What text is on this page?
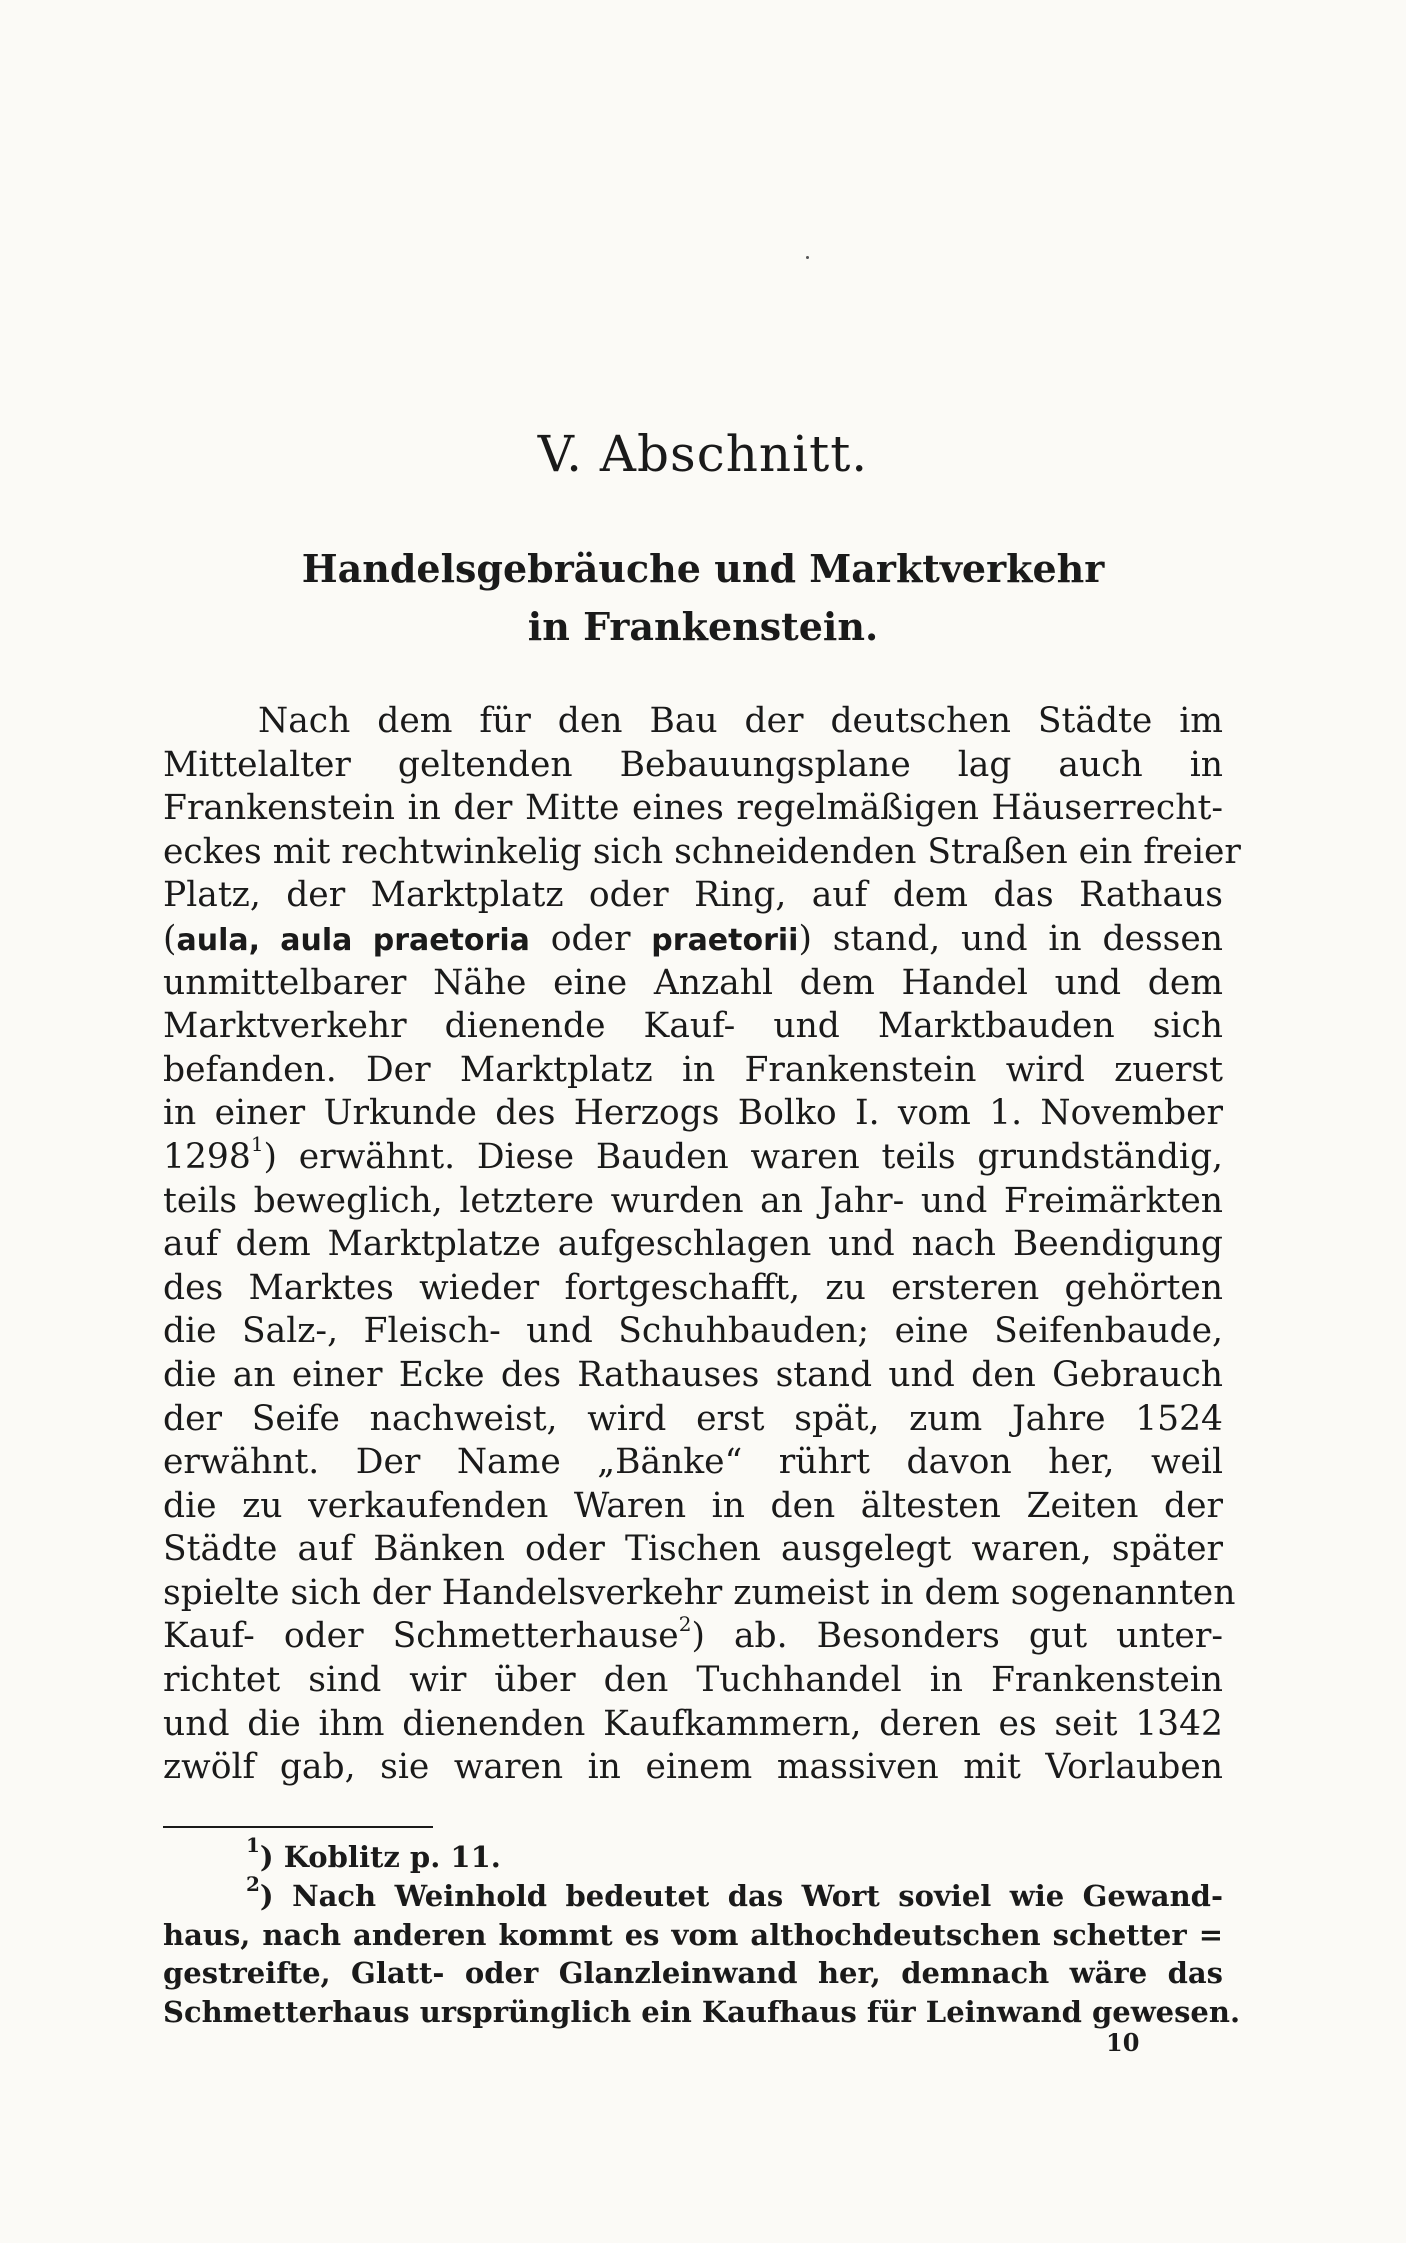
V. Abschnitt.
Handelsgebräuche und Marktverkehr
in Frankenstein.
Nach dem für den Bau der deutschen Städte im
Mittelalter geltenden Bebauungsplane lag auch in
Frankenstein in der Mitte eines regelmäßigen Häuserrecht-
eckes mit rechtwinkelig sich schneidenden Straßen ein freier
Platz, der Marktplatz oder Ring, auf dem das Rathaus
(aula, aula praetoria oder praetorii) stand, und in dessen
unmittelbarer Nähe eine Anzahl dem Handel und dem
Marktverkehr dienende Kauf- und Marktbauden sich
befanden. Der Marktplatz in Frankenstein wird zuerst
in einer Urkunde des Herzogs Bolko I. vom 1. November
1298$^1$) erwähnt. Diese Bauden waren teils grundständig,
teils beweglich, letztere wurden an Jahr- und Freimärkten
auf dem Marktplatze aufgeschlagen und nach Beendigung
des Marktes wieder fortgeschafft, zu ersteren gehörten
die Salz-, Fleisch- und Schuhbauden; eine Seifenbaude,
die an einer Ecke des Rathauses stand und den Gebrauch
der Seife nachweist, wird erst spät, zum Jahre 1524
erwähnt. Der Name „Bänke“ rührt davon her, weil
die zu verkaufenden Waren in den ältesten Zeiten der
Städte auf Bänken oder Tischen ausgelegt waren, später
spielte sich der Handelsverkehr zumeist in dem sogenannten
Kauf- oder Schmetterhause$^2$) ab. Besonders gut unter-
richtet sind wir über den Tuchhandel in Frankenstein
und die ihm dienenden Kaufkammern, deren es seit 1342
zwölf gab, sie waren in einem massiven mit Vorlauben
$^1$) Koblitz p. 11.
$^2$) Nach Weinhold bedeutet das Wort soviel wie Gewand-
haus, nach anderen kommt es vom althochdeutschen schetter =
gestreifte, Glatt- oder Glanzleinwand her, demnach wäre das
Schmetterhaus ursprünglich ein Kaufhaus für Leinwand gewesen.
10
